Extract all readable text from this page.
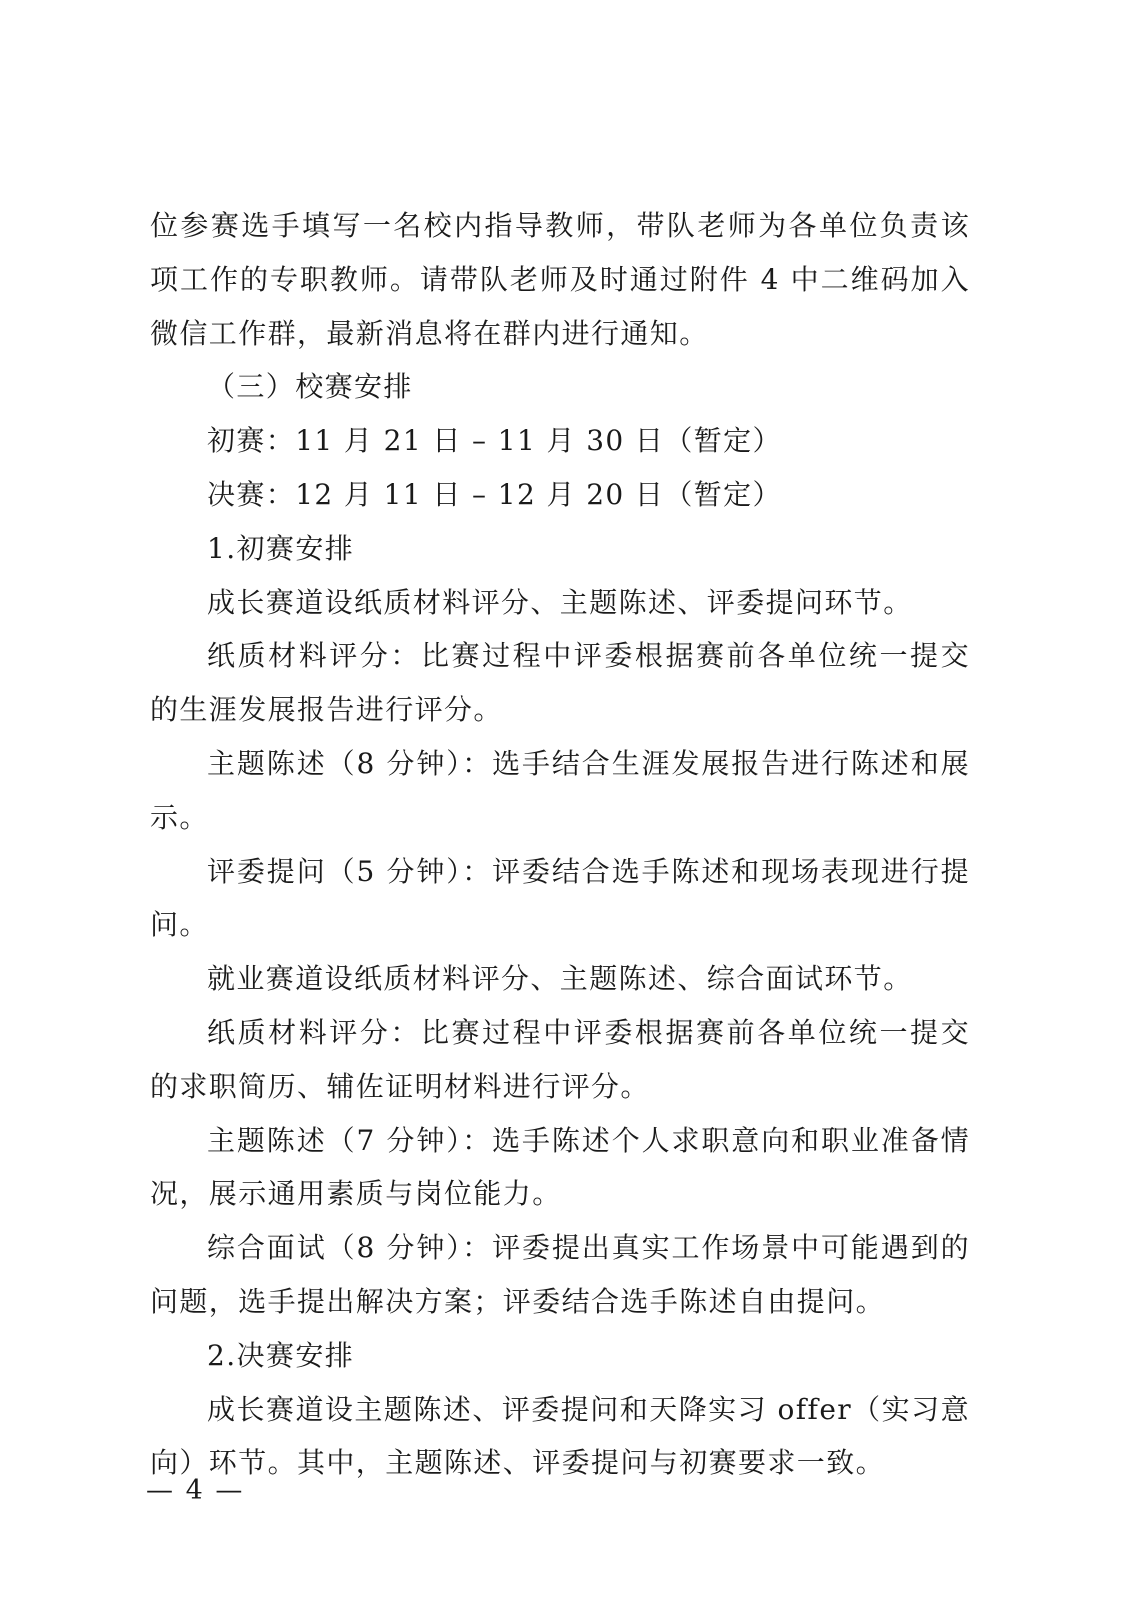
位参赛选手填写一名校内指导教师，带队老师为各单位负责该项工作的专职教师。请带队老师及时通过附件 4 中二维码加入微信工作群，最新消息将在群内进行通知。

（三）校赛安排

初赛：11 月 21 日 – 11 月 30 日（暂定）

决赛：12 月 11 日 – 12 月 20 日（暂定）

1.初赛安排

成长赛道设纸质材料评分、主题陈述、评委提问环节。

纸质材料评分：比赛过程中评委根据赛前各单位统一提交的生涯发展报告进行评分。

主题陈述（8 分钟）：选手结合生涯发展报告进行陈述和展示。

评委提问（5 分钟）：评委结合选手陈述和现场表现进行提问。

就业赛道设纸质材料评分、主题陈述、综合面试环节。

纸质材料评分：比赛过程中评委根据赛前各单位统一提交的求职简历、辅佐证明材料进行评分。

主题陈述（7 分钟）：选手陈述个人求职意向和职业准备情况，展示通用素质与岗位能力。

综合面试（8 分钟）：评委提出真实工作场景中可能遇到的问题，选手提出解决方案；评委结合选手陈述自由提问。

2.决赛安排

成长赛道设主题陈述、评委提问和天降实习 offer（实习意向）环节。其中，主题陈述、评委提问与初赛要求一致。

— 4 —
